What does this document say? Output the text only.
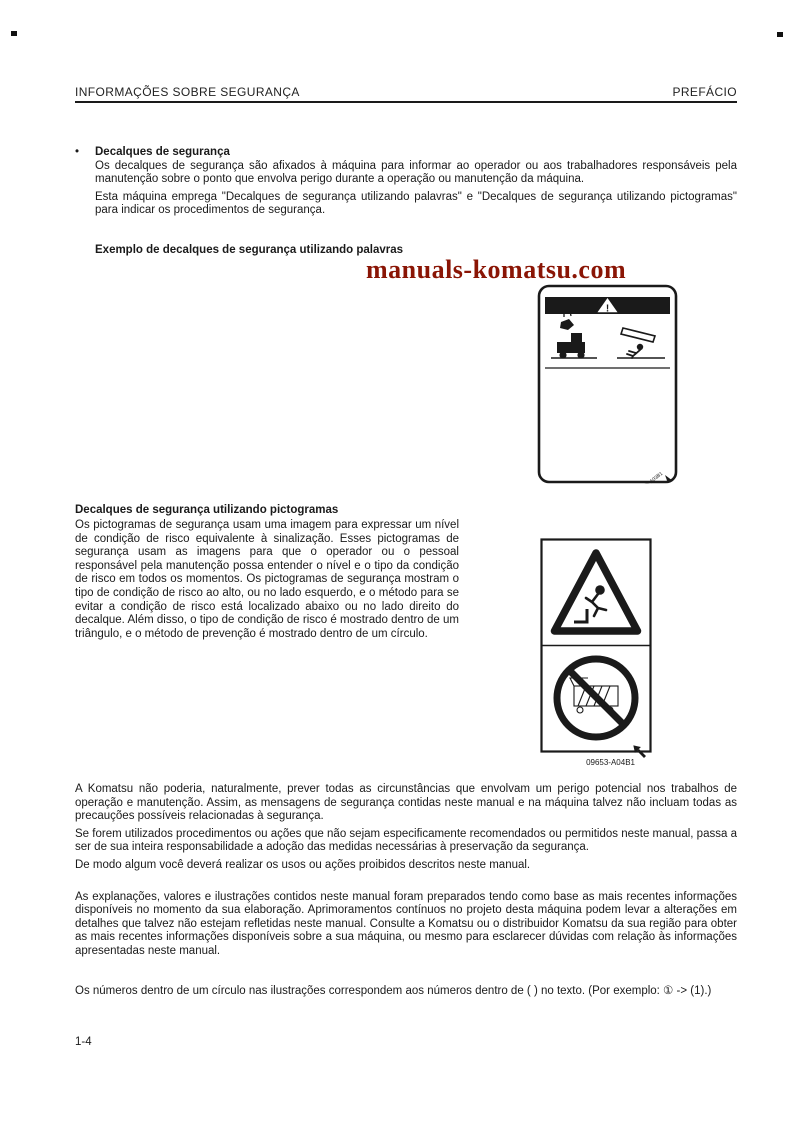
INFORMAÇÕES SOBRE SEGURANÇA	PREFÁCIO
•	Decalques de segurança

Os decalques de segurança são afixados à máquina para informar ao operador ou aos trabalhadores responsáveis pela manutenção sobre o ponto que envolva perigo durante a operação ou manutenção da máquina.

Esta máquina emprega "Decalques de segurança utilizando palavras" e "Decalques de segurança utilizando pictogramas" para indicar os procedimentos de segurança.

Exemplo de decalques de segurança utilizando palavras
manuals-komatsu.com
!
Decalques de segurança utilizando pictogramas

Os pictogramas de segurança usam uma imagem para expressar um nível de condição de risco equivalente à sinalização. Esses pictogramas de segurança usam as imagens para que o operador ou o pessoal responsável pela manutenção possa entender o nível e o tipo da condição de risco em todos os momentos. Os pictogramas de segurança mostram o tipo de condição de risco ao alto, ou no lado esquerdo, e o método para se evitar a condição de risco está localizado abaixo ou no lado direito do decalque. Além disso, o tipo de condição de risco é mostrado dentro de um triângulo, e o método de prevenção é mostrado dentro de um círculo.

09653-A04B1

A Komatsu não poderia, naturalmente, prever todas as circunstâncias que envolvam um perigo potencial nos trabalhos de operação e manutenção. Assim, as mensagens de segurança contidas neste manual e na máquina talvez não incluam todas as precauções possíveis relacionadas à segurança.

Se forem utilizados procedimentos ou ações que não sejam especificamente recomendados ou permitidos neste manual, passa a ser de sua inteira responsabilidade a adoção das medidas necessárias à preservação da segurança.

De modo algum você deverá realizar os usos ou ações proibidos descritos neste manual.

As explanações, valores e ilustrações contidos neste manual foram preparados tendo como base as mais recentes informações disponíveis no momento da sua elaboração. Aprimoramentos contínuos no projeto desta máquina podem levar a alterações em detalhes que talvez não estejam refletidas neste manual. Consulte a Komatsu ou o distribuidor Komatsu da sua região para obter as mais recentes informações disponíveis sobre a sua máquina, ou mesmo para esclarecer dúvidas com relação às informações apresentadas neste manual.

Os números dentro de um círculo nas ilustrações correspondem aos números dentro de ( ) no texto. (Por exemplo: ① -> (1).)

1-4
